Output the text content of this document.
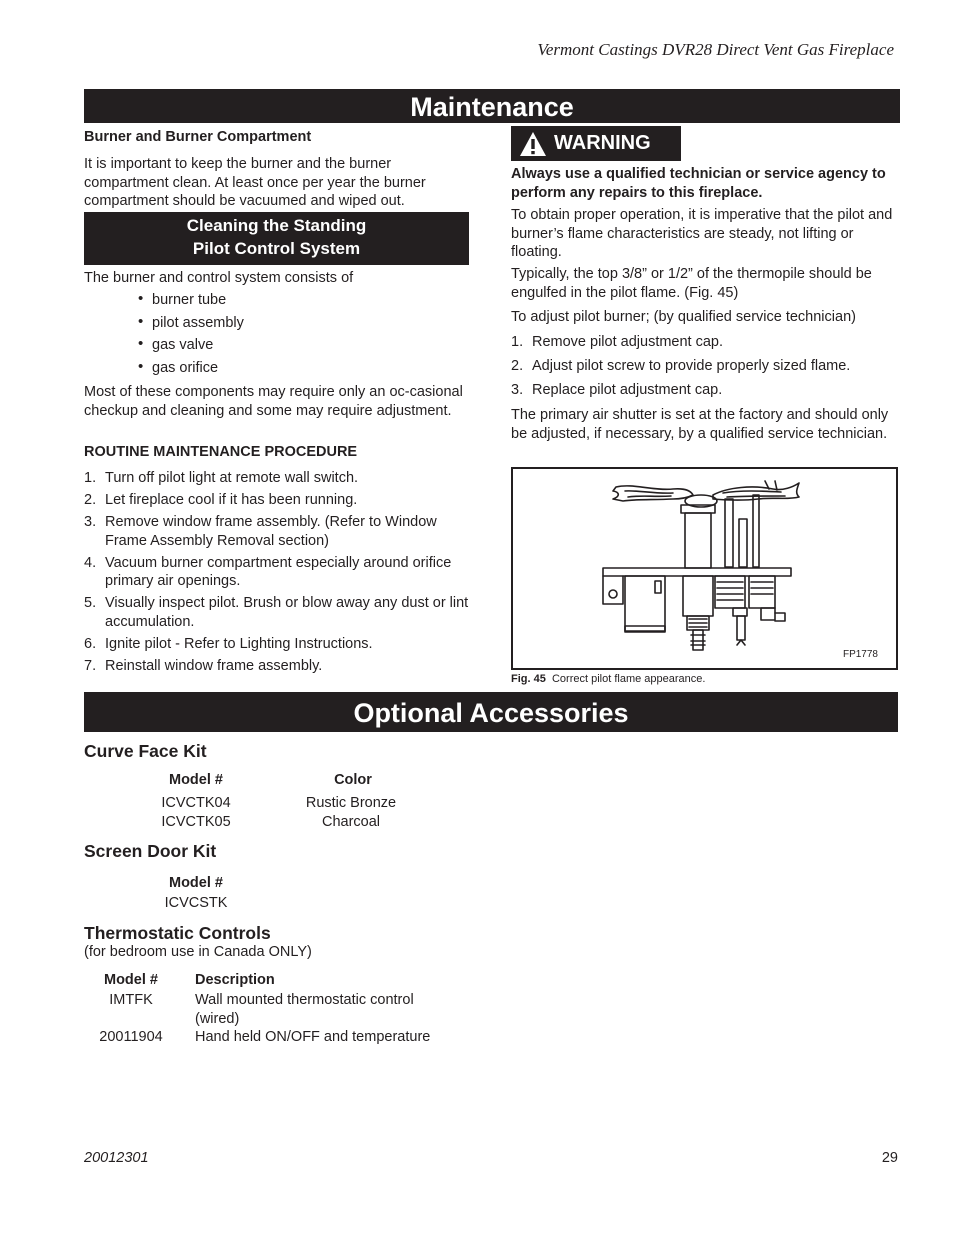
Vermont Castings DVR28 Direct Vent Gas Fireplace
Maintenance
Burner and Burner Compartment
It is important to keep the burner and the burner compartment clean. At least once per year the burner compartment should be vacuumed and wiped out.
Cleaning the Standing
Pilot Control System
The burner and control system consists of
• burner tube
• pilot assembly
• gas valve
• gas orifice
Most of these components may require only an oc-casional checkup and cleaning and some may require adjustment.
ROUTINE MAINTENANCE PROCEDURE
1. Turn off pilot light at remote wall switch.
2. Let fireplace cool if it has been running.
3. Remove window frame assembly. (Refer to Window Frame Assembly Removal section)
4. Vacuum burner compartment especially around orifice primary air openings.
5. Visually inspect pilot. Brush or blow away any dust or lint accumulation.
6. Ignite pilot - Refer to Lighting Instructions.
7. Reinstall window frame assembly.
WARNING
Always use a qualified technician or service agency to perform any repairs to this fireplace.
To obtain proper operation, it is imperative that the pilot and burner’s flame characteristics are steady, not lifting or floating.
Typically, the top 3/8” or 1/2” of the thermopile should be engulfed in the pilot flame. (Fig. 45)
To adjust pilot burner; (by qualified service technician)
1. Remove pilot adjustment cap.
2. Adjust pilot screw to provide properly sized flame.
3. Replace pilot adjustment cap.
The primary air shutter is set at the factory and should only be adjusted, if necessary, by a qualified service technician.
FP1778
Fig. 45 Correct pilot flame appearance.
Optional Accessories
Curve Face Kit
Model #	Color
ICVCTK04	Rustic Bronze
ICVCTK05	Charcoal
Screen Door Kit
Model #
ICVCSTK
Thermostatic Controls
(for bedroom use in Canada ONLY)
Model #	Description
IMTFK	Wall mounted thermostatic control
(wired)
20011904	Hand held ON/OFF and temperature
20012301	29
